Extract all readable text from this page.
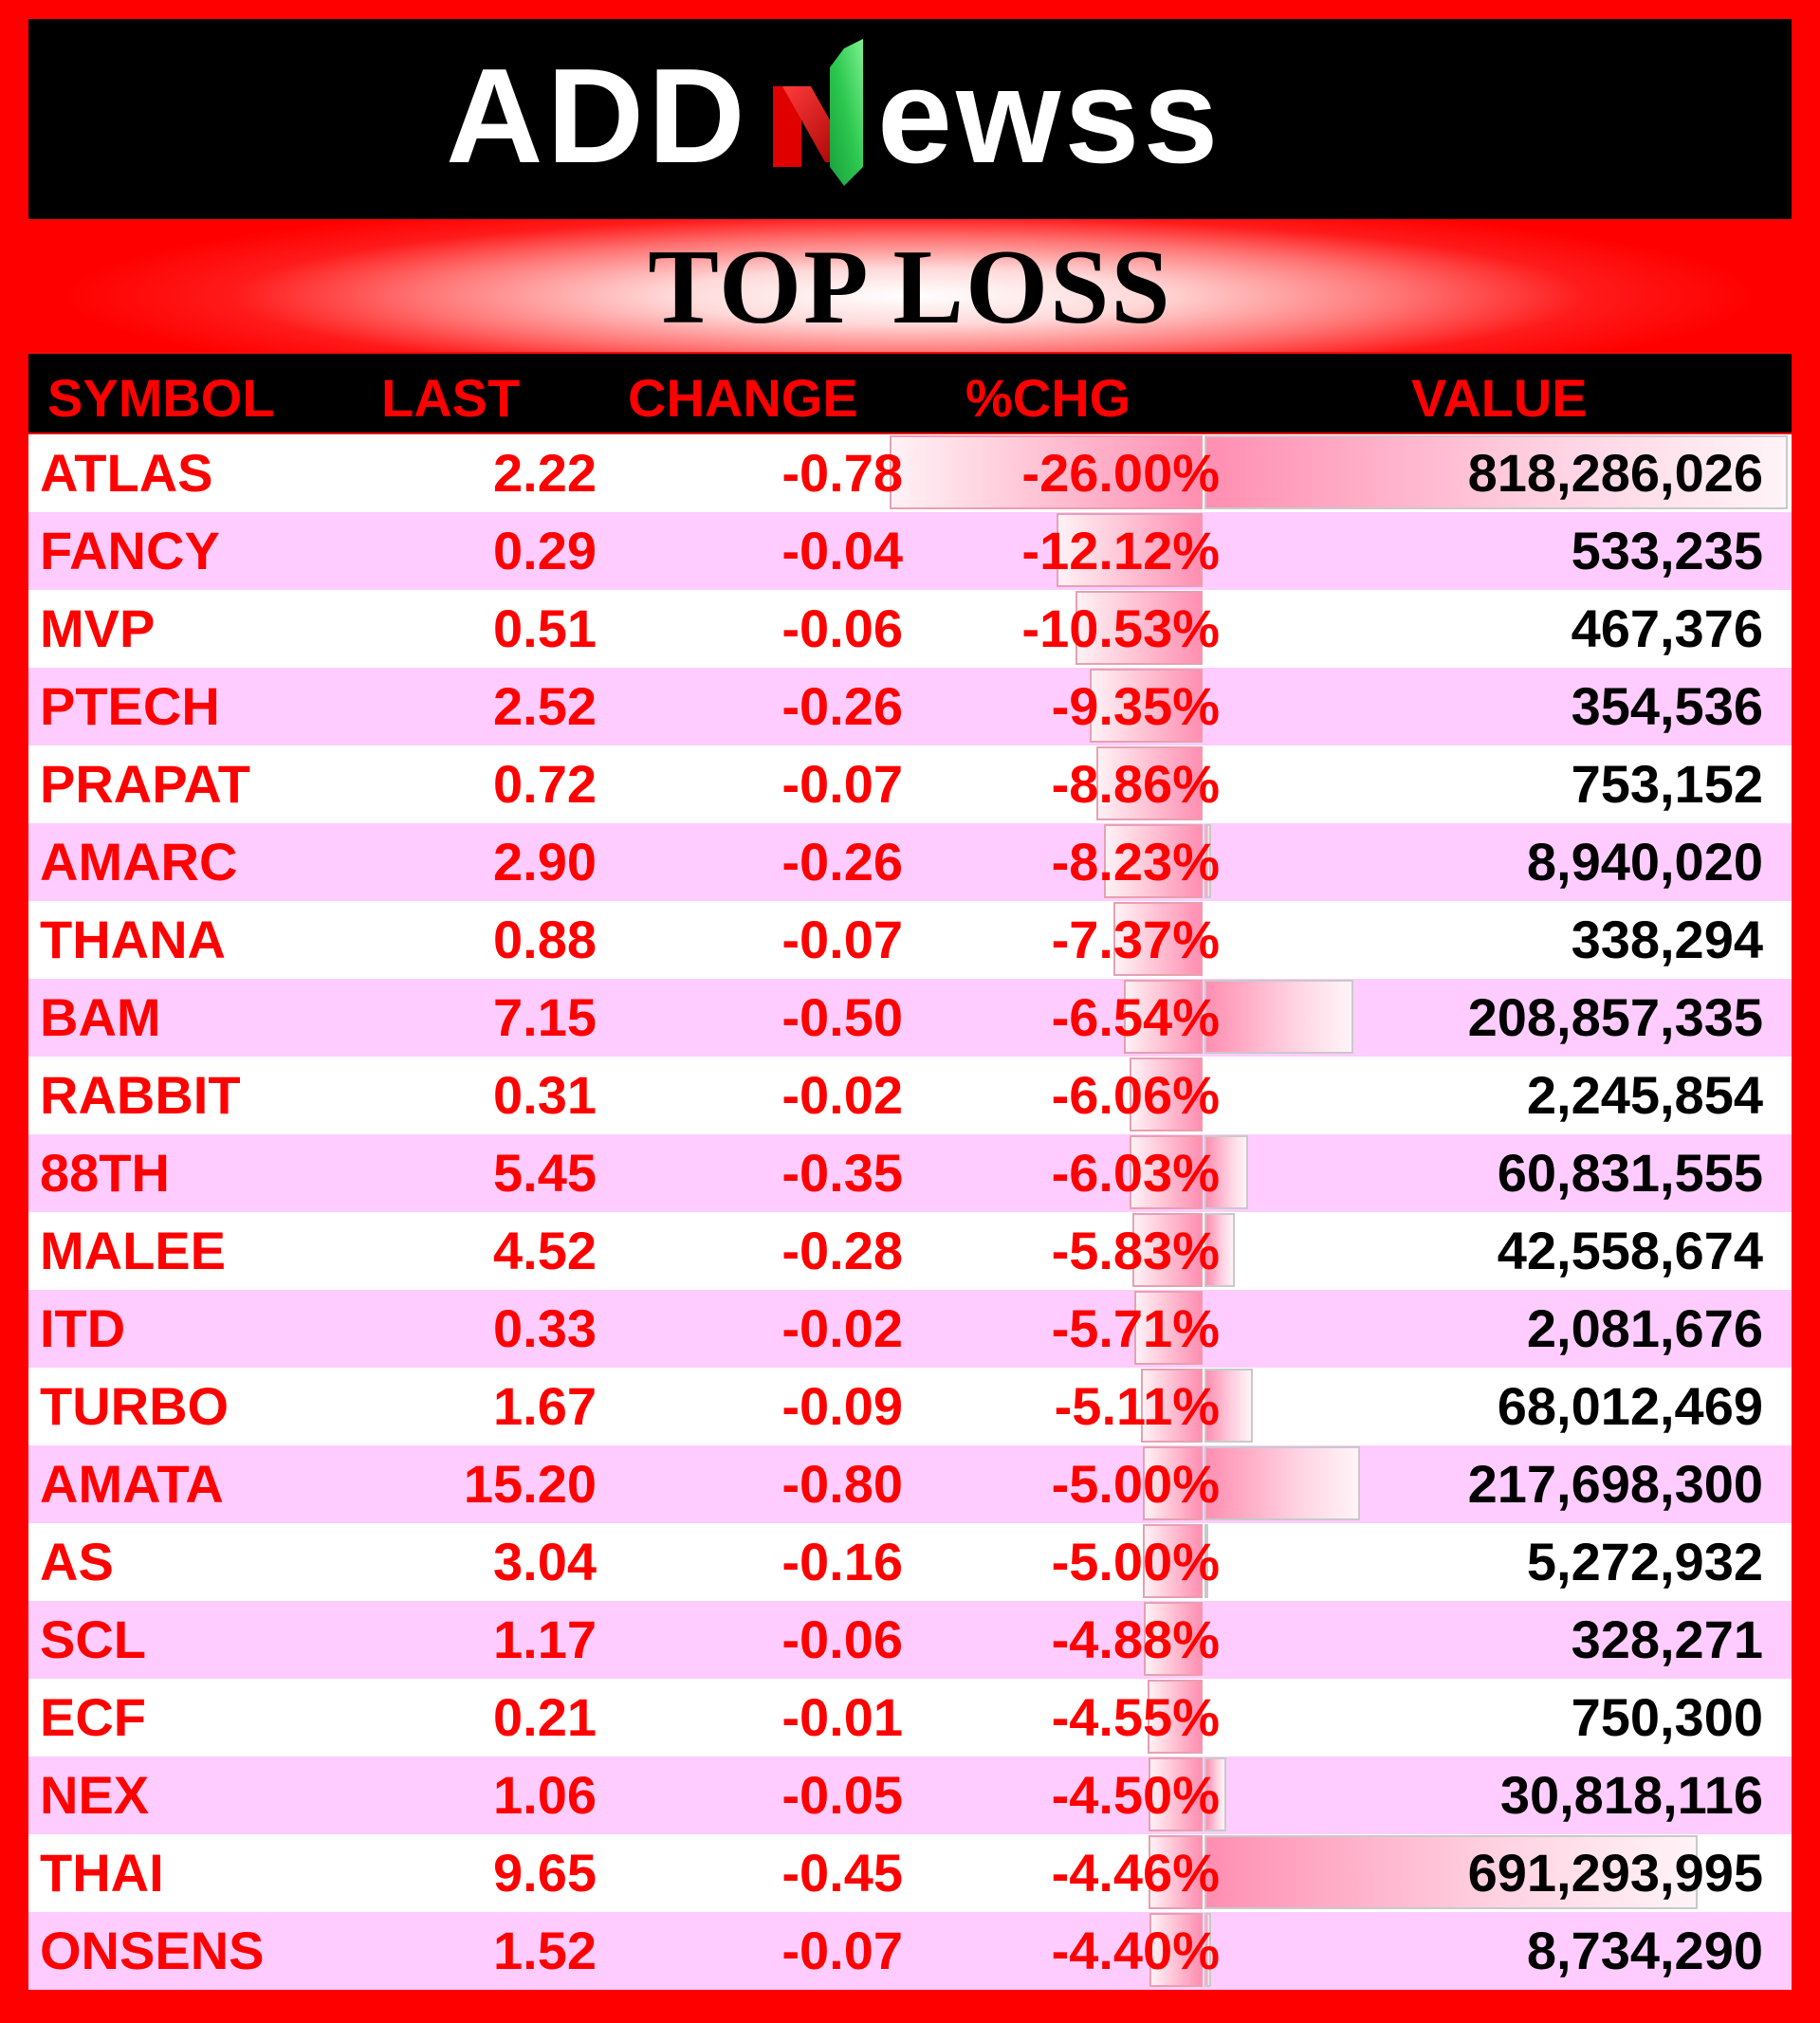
ADD ewss
TOP LOSS
SYMBOL LAST CHANGE %CHG	VALUE
ATLAS	2.22	-0.78 -26.00%	818,286,026
FANCY	0.29	-0.04 -12.12%	533,235
MVP	0.51	-0.06 -10.53%	467,376
PTECH	2.52	-0.26	-9.35%	354,536
PRAPAT	0.72	-0.07	-8.86%	753,152
AMARC	2.90	-0.26	-8.23%	8,940,020
THANA	0.88	-0.07	-7.37%	338,294
BAM	7.15	-0.50	-6.54%	208,857,335
RABBIT	0.31	-0.02	-6.06%	2,245,854
88TH	5.45	-0.35	-6.03%	60,831,555
MALEE	4.52	-0.28	-5.83%	42,558,674
ITD	0.33	-0.02	-5.71%	2,081,676
TURBO	1.67	-0.09	-5.11%	68,012,469
AMATA	15.20	-0.80	-5.00%	217,698,300
AS	3.04	-0.16	-5.00%	5,272,932
SCL	1.17	-0.06	-4.88%	328,271
ECF	0.21	-0.01	-4.55%	750,300
NEX	1.06	-0.05	-4.50%	30,818,116
THAI	9.65	-0.45	-4.46%	691,293,995
ONSENS	1.52	-0.07	-4.40%	8,734,290
